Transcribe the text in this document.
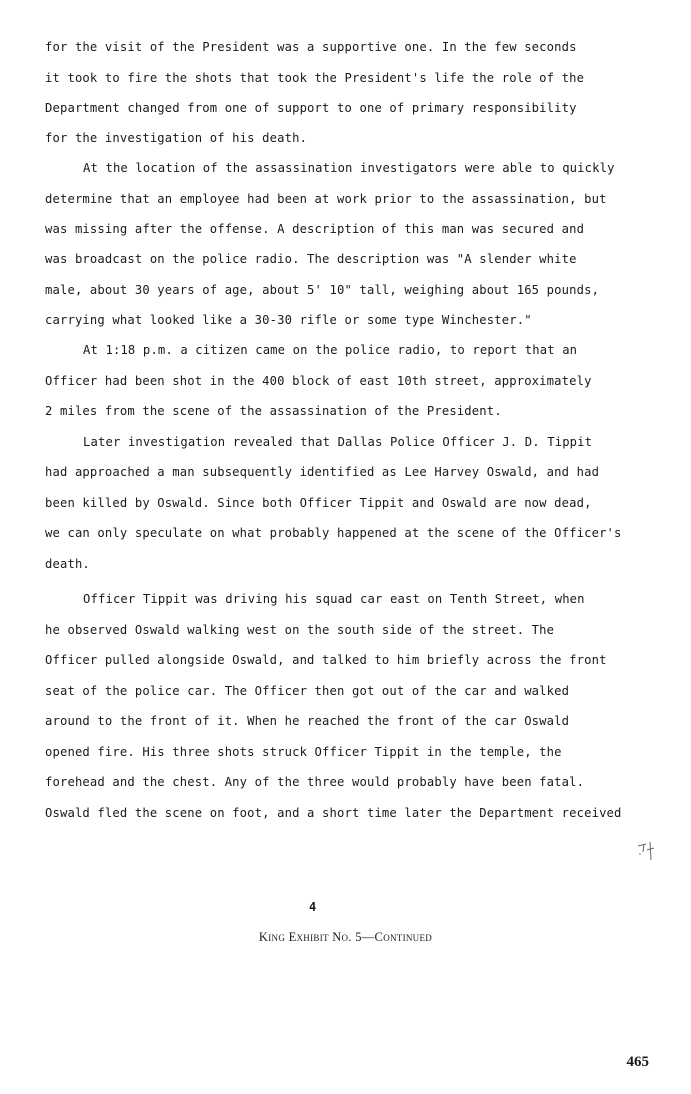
for the visit of the President was a supportive one. In the few seconds
it took to fire the shots that took the President's life the role of the
Department changed from one of support to one of primary responsibility
for the investigation of his death.
At the location of the assassination investigators were able to quickly
determine that an employee had been at work prior to the assassination, but
was missing after the offense. A description of this man was secured and
was broadcast on the police radio. The description was "A slender white
male, about 30 years of age, about 5' 10" tall, weighing about 165 pounds,
carrying what looked like a 30-30 rifle or some type Winchester."
At 1:18 p.m. a citizen came on the police radio, to report that an
Officer had been shot in the 400 block of east 10th street, approximately
2 miles from the scene of the assassination of the President.
Later investigation revealed that Dallas Police Officer J. D. Tippit
had approached a man subsequently identified as Lee Harvey Oswald, and had
been killed by Oswald. Since both Officer Tippit and Oswald are now dead,
we can only speculate on what probably happened at the scene of the Officer's
death.
Officer Tippit was driving his squad car east on Tenth Street, when
he observed Oswald walking west on the south side of the street. The
Officer pulled alongside Oswald, and talked to him briefly across the front
seat of the police car. The Officer then got out of the car and walked
around to the front of it. When he reached the front of the car Oswald
opened fire. His three shots struck Officer Tippit in the temple, the
forehead and the chest. Any of the three would probably have been fatal.
Oswald fled the scene on foot, and a short time later the Department received
4
King Exhibit No. 5—Continued
465
